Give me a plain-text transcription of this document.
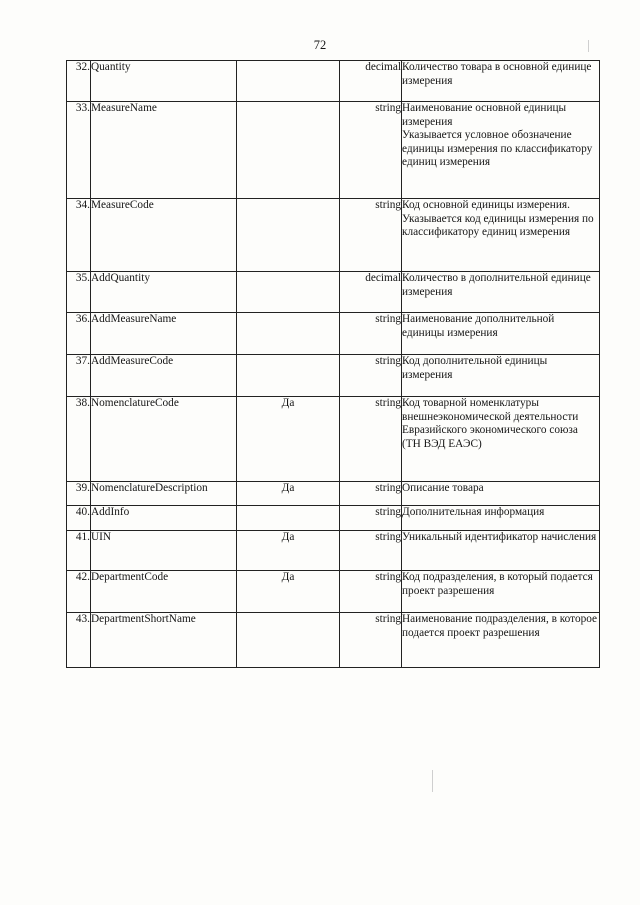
72
32.	Quantity		decimal	Количество товара в основной единице измерения
33.	MeasureName		string	Наименование основной единицы измерения
Указывается условное обозначение единицы измерения по классификатору единиц измерения
34.	MeasureCode		string	Код основной единицы измерения. Указывается код единицы измерения по классификатору единиц измерения
35.	AddQuantity		decimal	Количество в дополнительной единице измерения
36.	AddMeasureName		string	Наименование дополнительной единицы измерения
37.	AddMeasureCode		string	Код дополнительной единицы измерения
38.	NomenclatureCode	Да	string	Код товарной номенклатуры внешнеэкономической деятельности Евразийского экономического союза (ТН ВЭД ЕАЭС)
39.	NomenclatureDescription	Да	string	Описание товара
40.	AddInfo		string	Дополнительная информация
41.	UIN	Да	string	Уникальный идентификатор начисления
42.	DepartmentCode	Да	string	Код подразделения, в который подается проект разрешения
43.	DepartmentShortName		string	Наименование подразделения, в которое подается проект разрешения
